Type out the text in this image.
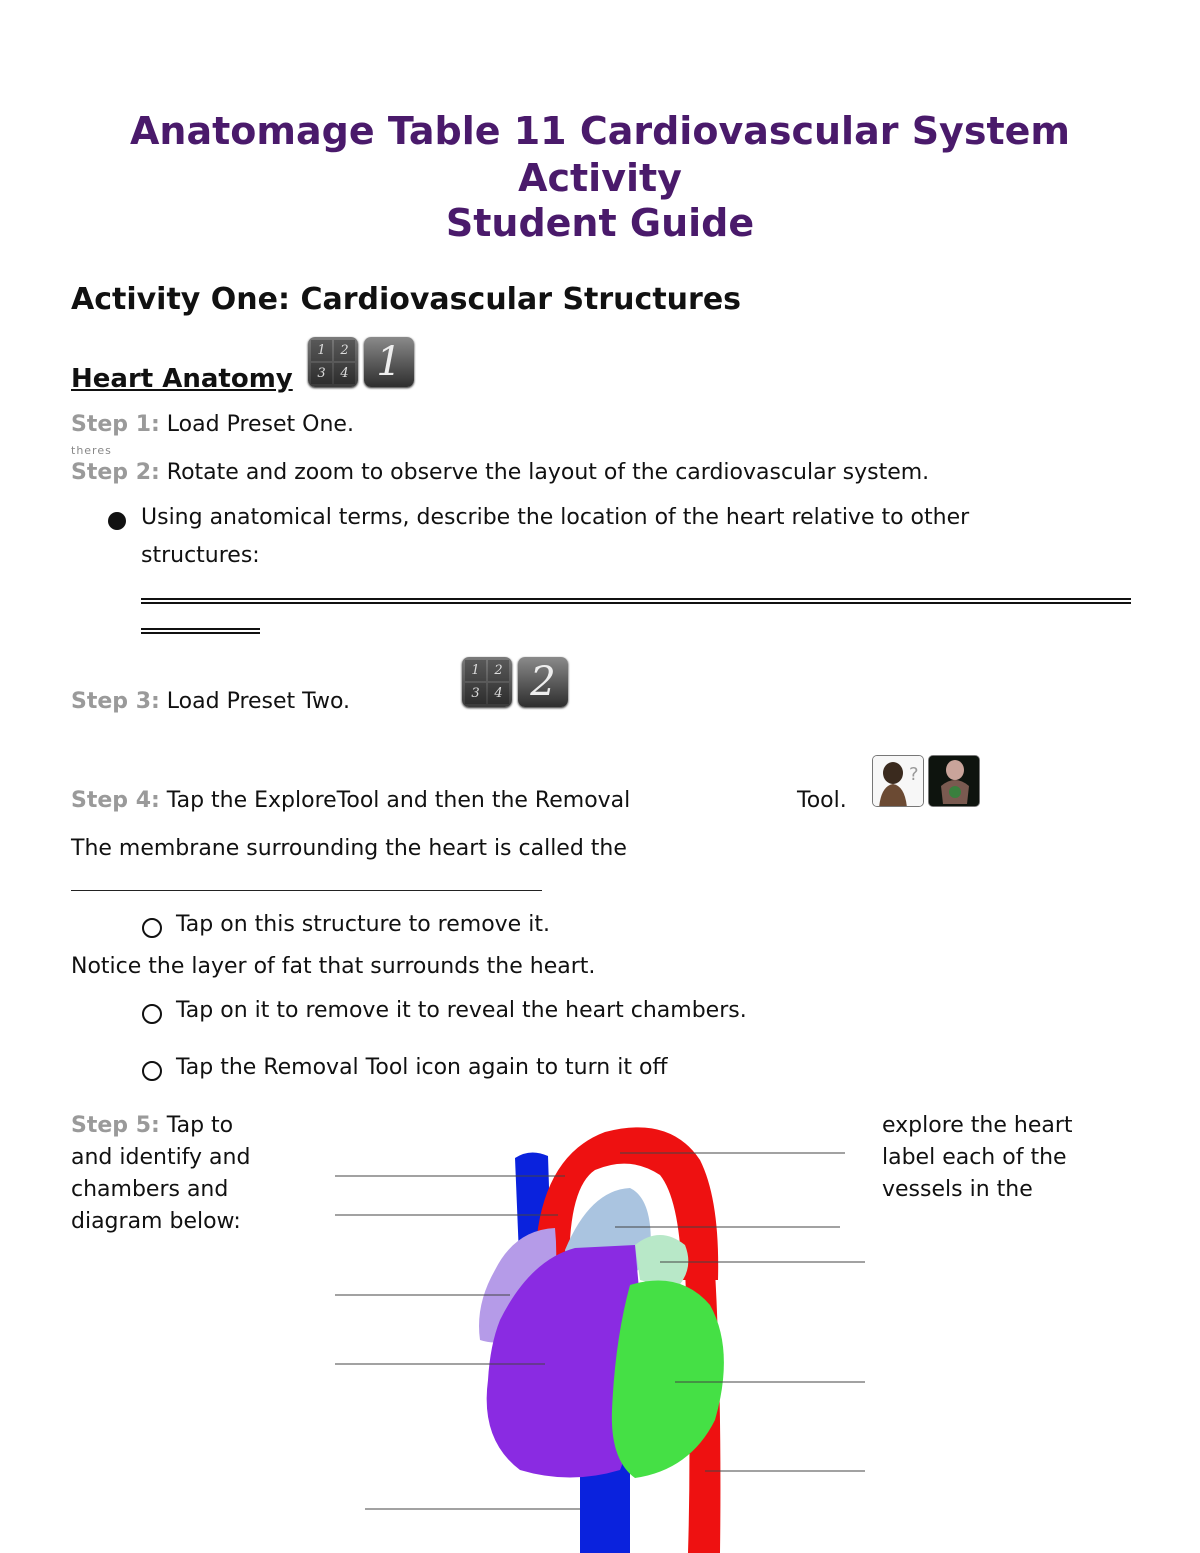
Anatomage Table 11 Cardiovascular System
Activity
Student Guide
Activity One: Cardiovascular Structures
Heart Anatomy
1	2
3	4 1
Step 1: Load Preset One.
theres
Step 2: Rotate and zoom to observe the layout of the cardiovascular system.
Using anatomical terms, describe the location of the heart relative to other
structures:
Step 3: Load Preset Two.
1	2
3	4 2
Step 4: Tap the ExploreTool and then the Removal	Tool.
?
The membrane surrounding the heart is called the
Tap on this structure to remove it.
Notice the layer of fat that surrounds the heart.
Tap on it to remove it to reveal the heart chambers.
Tap the Removal Tool icon again to turn it off
Step 5: Tap to
and identify and
chambers and
diagram below:
explore the heart
label each of the
vessels in the
